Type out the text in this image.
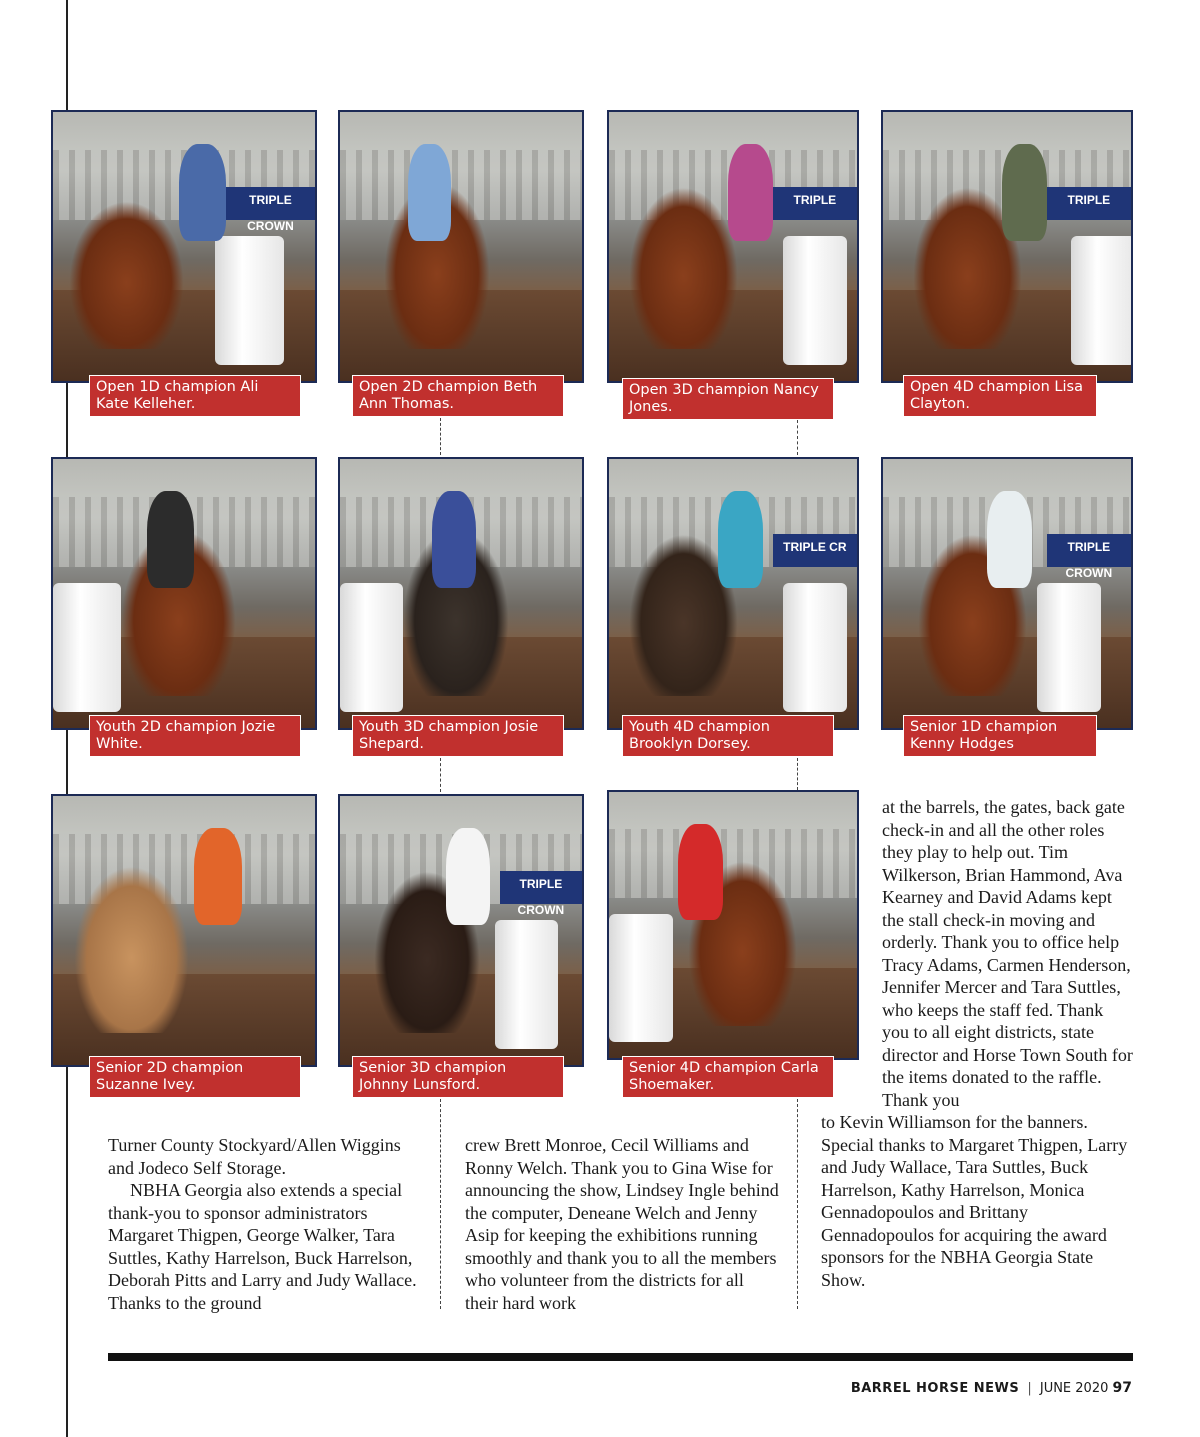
TRIPLE CROWN
Open 1D champion Ali Kate Kelleher.
Open 2D champion Beth Ann Thomas.
TRIPLE
Open 3D champion Nancy Jones.
TRIPLE
Open 4D champion Lisa Clayton.
Youth 2D champion Jozie White.
Youth 3D champion Josie Shepard.
TRIPLE CR
Youth 4D champion Brooklyn Dorsey.
TRIPLE CROWN
Senior 1D champion Kenny Hodges
Senior 2D champion Suzanne Ivey.
TRIPLE CROWN
Senior 3D champion Johnny Lunsford.
Senior 4D champion Carla Shoemaker.

Turner County Stockyard/Allen Wiggins and Jodeco Self Storage.

NBHA Georgia also extends a special thank-you to sponsor administrators Margaret Thigpen, George Walker, Tara Suttles, Kathy Harrelson, Buck Harrelson, Deborah Pitts and Larry and Judy Wallace. Thanks to the ground

crew Brett Monroe, Cecil Williams and Ronny Welch. Thank you to Gina Wise for announcing the show, Lindsey Ingle behind the computer, Deneane Welch and Jenny Asip for keeping the exhibitions running smoothly and thank you to all the members who volunteer from the districts for all their hard work

at the barrels, the gates, back gate check-in and all the other roles they play to help out. Tim Wilkerson, Brian Hammond, Ava Kearney and David Adams kept the stall check-in moving and orderly. Thank you to office help Tracy Adams, Carmen Henderson, Jennifer Mercer and Tara Suttles, who keeps the staff fed. Thank you to all eight districts, state director and Horse Town South for the items donated to the raffle. Thank you

to Kevin Williamson for the banners. Special thanks to Margaret Thigpen, Larry and Judy Wallace, Tara Suttles, Buck Harrelson, Kathy Harrelson, Monica Gennadopoulos and Brittany Gennadopoulos for acquiring the award sponsors for the NBHA Georgia State Show.

BARREL HORSE NEWS | JUNE 2020 97
